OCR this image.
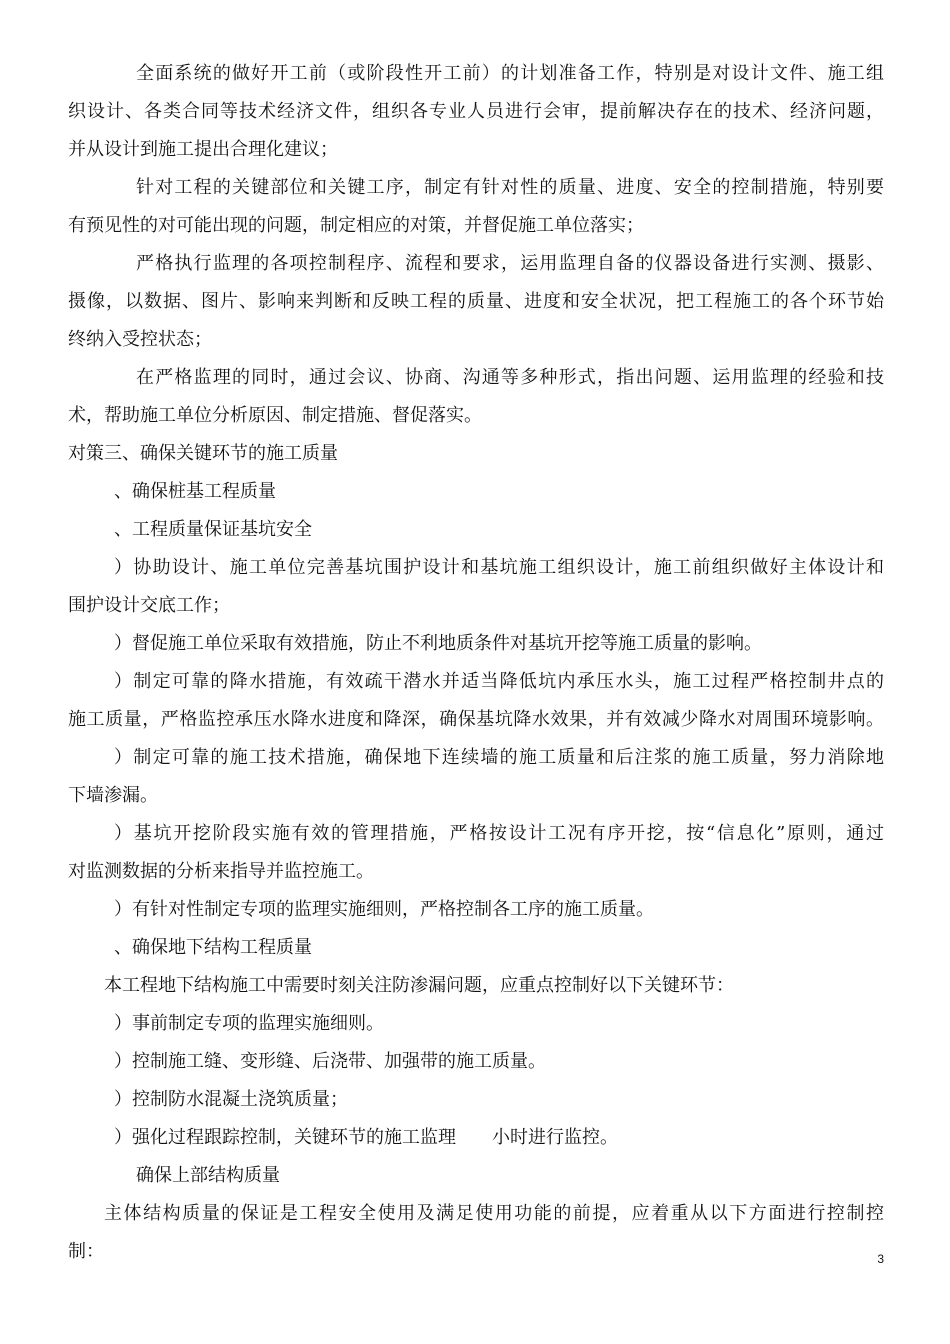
全面系统的做好开工前（或阶段性开工前）的计划准备工作，特别是对设计文件、施工组
织设计、各类合同等技术经济文件，组织各专业人员进行会审，提前解决存在的技术、经济问题，
并从设计到施工提出合理化建议；
针对工程的关键部位和关键工序，制定有针对性的质量、进度、安全的控制措施，特别要
有预见性的对可能出现的问题，制定相应的对策，并督促施工单位落实；
严格执行监理的各项控制程序、流程和要求，运用监理自备的仪器设备进行实测、摄影、
摄像，以数据、图片、影响来判断和反映工程的质量、进度和安全状况，把工程施工的各个环节始
终纳入受控状态；
在严格监理的同时，通过会议、协商、沟通等多种形式，指出问题、运用监理的经验和技
术，帮助施工单位分析原因、制定措施、督促落实。
对策三、确保关键环节的施工质量
、确保桩基工程质量
、工程质量保证基坑安全
）协助设计、施工单位完善基坑围护设计和基坑施工组织设计，施工前组织做好主体设计和
围护设计交底工作；
）督促施工单位采取有效措施，防止不利地质条件对基坑开挖等施工质量的影响。
）制定可靠的降水措施，有效疏干潜水并适当降低坑内承压水头，施工过程严格控制井点的
施工质量，严格监控承压水降水进度和降深，确保基坑降水效果，并有效减少降水对周围环境影响。
）制定可靠的施工技术措施，确保地下连续墙的施工质量和后注浆的施工质量，努力消除地
下墙渗漏。
）基坑开挖阶段实施有效的管理措施，严格按设计工况有序开挖，按“信息化”原则，通过
对监测数据的分析来指导并监控施工。
）有针对性制定专项的监理实施细则，严格控制各工序的施工质量。
、确保地下结构工程质量
本工程地下结构施工中需要时刻关注防渗漏问题，应重点控制好以下关键环节：
）事前制定专项的监理实施细则。
）控制施工缝、变形缝、后浇带、加强带的施工质量。
）控制防水混凝土浇筑质量；
）强化过程跟踪控制，关键环节的施工监理　　小时进行监控。
确保上部结构质量
主体结构质量的保证是工程安全使用及满足使用功能的前提，应着重从以下方面进行控制控
制：	3
